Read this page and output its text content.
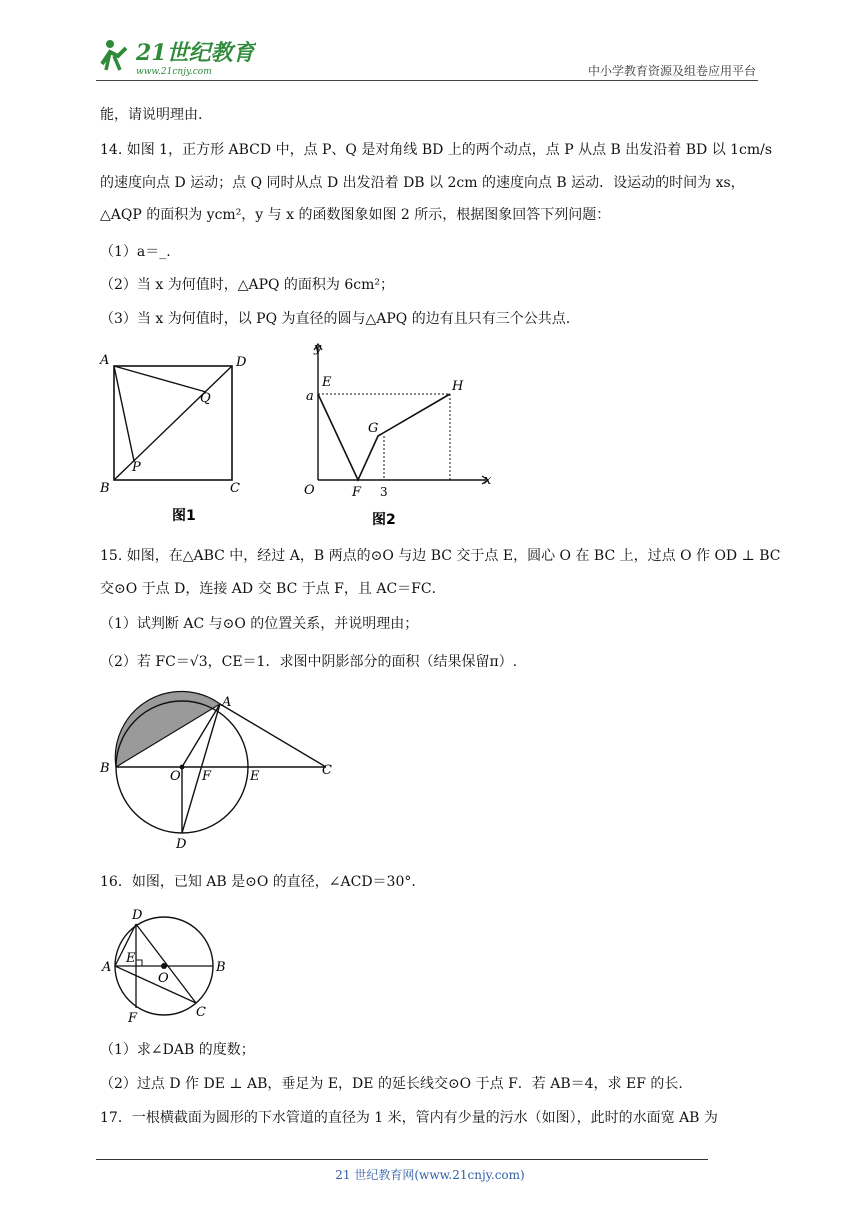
21世纪教育
www.21cnjy.com	中小学教育资源及组卷应用平台
能，请说明理由.
14. 如图 1，正方形 ABCD 中，点 P、Q 是对角线 BD 上的两个动点，点 P 从点 B 出发沿着 BD 以 1cm/s
的速度向点 D 运动；点 Q 同时从点 D 出发沿着 DB 以 2cm 的速度向点 B 运动．设运动的时间为 xs，
△AQP 的面积为 ycm²，y 与 x 的函数图象如图 2 所示，根据图象回答下列问题：
（1）a＝_.
（2）当 x 为何值时，△APQ 的面积为 6cm²；
（3）当 x 为何值时，以 PQ 为直径的圆与△APQ 的边有且只有三个公共点.
A	D
Q
P
B	C
图1
y
E
a
G
H
O	F 3
x
图2
15. 如图，在△ABC 中，经过 A，B 两点的⊙O 与边 BC 交于点 E，圆心 O 在 BC 上，过点 O 作 OD ⊥ BC
交⊙O 于点 D，连接 AD 交 BC 于点 F，且 AC＝FC．
（1）试判断 AC 与⊙O 的位置关系，并说明理由；
（2）若 FC＝√3，CE＝1．求图中阴影部分的面积（结果保留π）.
A
B
O F	E	C
D
16．如图，已知 AB 是⊙O 的直径，∠ACD＝30°．
D
A
E
O
B
F	C
（1）求∠DAB 的度数；
（2）过点 D 作 DE ⊥ AB，垂足为 E，DE 的延长线交⊙O 于点 F．若 AB＝4，求 EF 的长.
17．一根横截面为圆形的下水管道的直径为 1 米，管内有少量的污水（如图），此时的水面宽 AB 为
21 世纪教育网(www.21cnjy.com)
